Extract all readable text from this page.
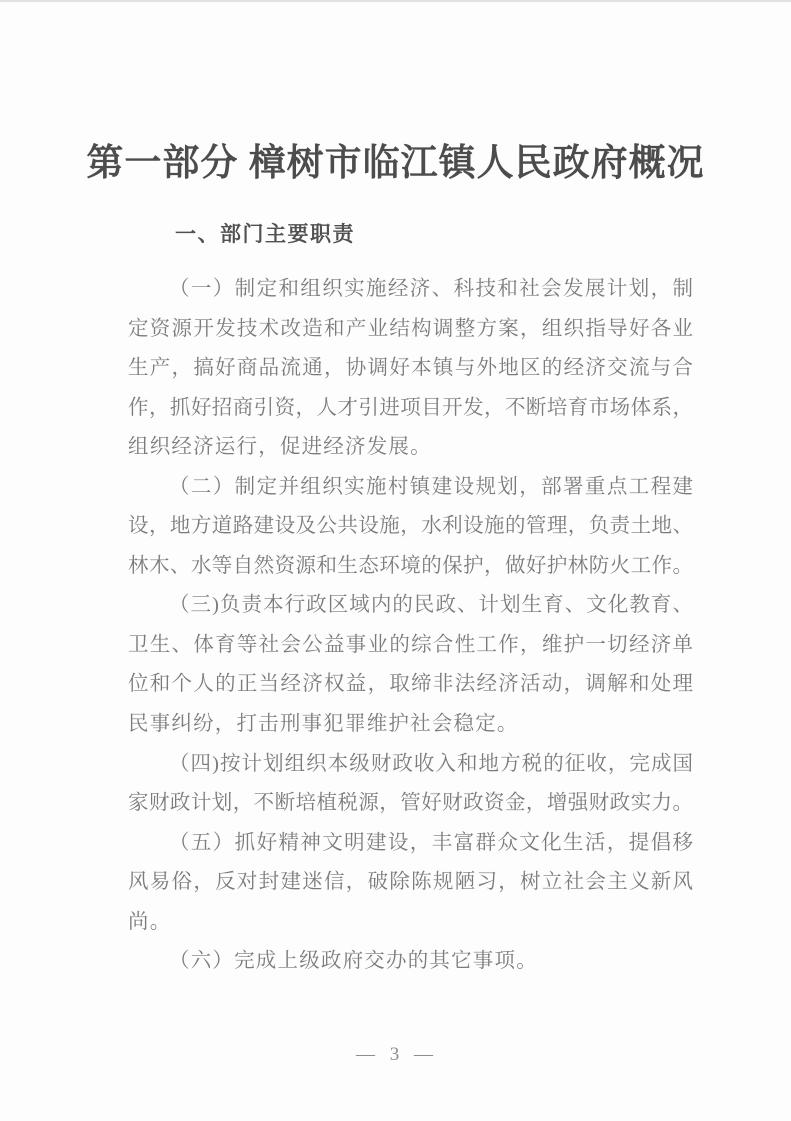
第一部分 樟树市临江镇人民政府概况
一、部门主要职责
（一）制定和组织实施经济、科技和社会发展计划，制
定资源开发技术改造和产业结构调整方案，组织指导好各业
生产，搞好商品流通，协调好本镇与外地区的经济交流与合
作，抓好招商引资，人才引进项目开发，不断培育市场体系，
组织经济运行，促进经济发展。
（二）制定并组织实施村镇建设规划，部署重点工程建
设，地方道路建设及公共设施，水利设施的管理，负责土地、
林木、水等自然资源和生态环境的保护，做好护林防火工作。
（三)负责本行政区域内的民政、计划生育、文化教育、
卫生、体育等社会公益事业的综合性工作，维护一切经济单
位和个人的正当经济权益，取缔非法经济活动，调解和处理
民事纠纷，打击刑事犯罪维护社会稳定。
（四)按计划组织本级财政收入和地方税的征收，完成国
家财政计划，不断培植税源，管好财政资金，增强财政实力。
（五）抓好精神文明建设，丰富群众文化生活，提倡移
风易俗，反对封建迷信，破除陈规陋习，树立社会主义新风
尚。
（六）完成上级政府交办的其它事项。
— 3 —
